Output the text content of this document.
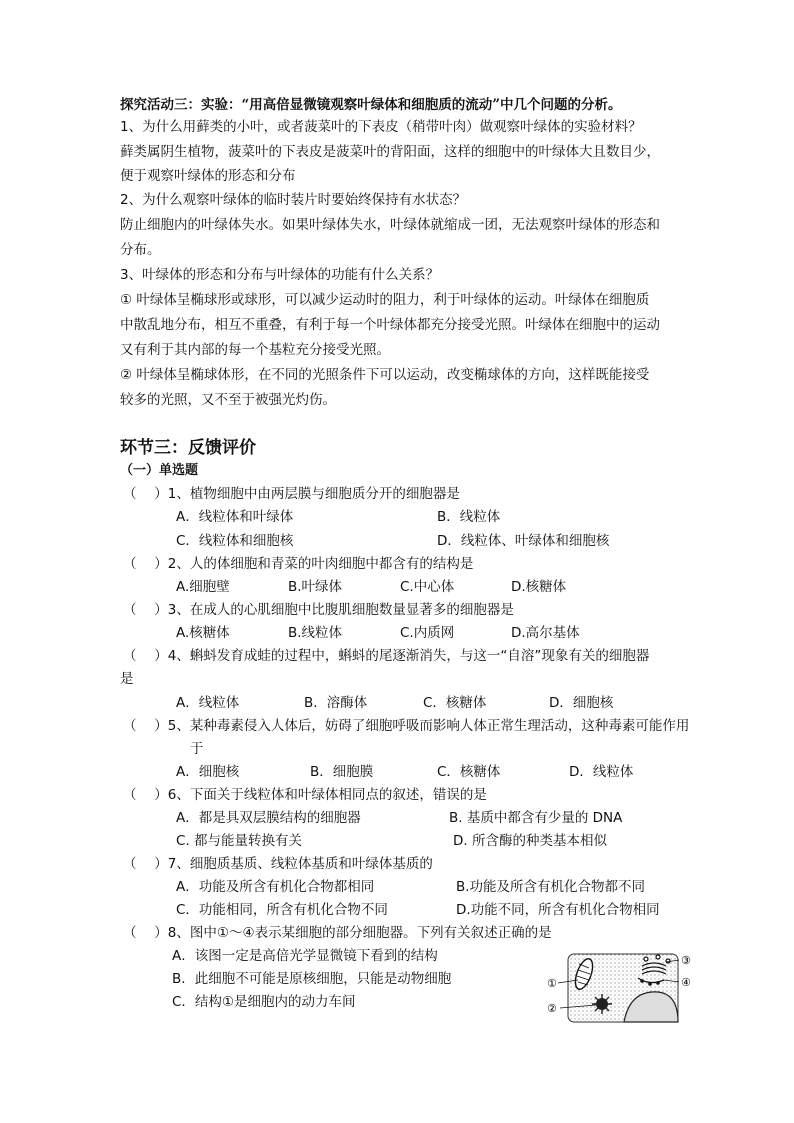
探究活动三：实验：“用高倍显微镜观察叶绿体和细胞质的流动”中几个问题的分析。
1、为什么用藓类的小叶，或者菠菜叶的下表皮（稍带叶肉）做观察叶绿体的实验材料？
藓类属阴生植物，菠菜叶的下表皮是菠菜叶的背阳面，这样的细胞中的叶绿体大且数目少，
便于观察叶绿体的形态和分布
2、为什么观察叶绿体的临时装片时要始终保持有水状态？
防止细胞内的叶绿体失水。如果叶绿体失水，叶绿体就缩成一团，无法观察叶绿体的形态和
分布。
3、叶绿体的形态和分布与叶绿体的功能有什么关系？
① 叶绿体呈椭球形或球形，可以减少运动时的阻力，利于叶绿体的运动。叶绿体在细胞质
中散乱地分布，相互不重叠，有利于每一个叶绿体都充分接受光照。叶绿体在细胞中的运动
又有利于其内部的每一个基粒充分接受光照。
② 叶绿体呈椭球体形，在不同的光照条件下可以运动，改变椭球体的方向，这样既能接受
较多的光照，又不至于被强光灼伤。
环节三：反馈评价
（一）单选题
（　 ）1、植物细胞中由两层膜与细胞质分开的细胞器是
A．线粒体和叶绿体	B．线粒体
C．线粒体和细胞核	D．线粒体、叶绿体和细胞核
（　 ）2、人的体细胞和青菜的叶肉细胞中都含有的结构是
A.细胞壁	B.叶绿体	C.中心体	D.核糖体
（　 ）3、在成人的心肌细胞中比腹肌细胞数量显著多的细胞器是
A.核糖体	B.线粒体	C.内质网	D.高尔基体
（　 ）4、蝌蚪发育成蛙的过程中，蝌蚪的尾逐渐消失，与这一“自溶”现象有关的细胞器
是
A．线粒体	B．溶酶体	C．核糖体	D．细胞核
（　 ）5、某种毒素侵入人体后，妨碍了细胞呼吸而影响人体正常生理活动，这种毒素可能作用
于
A．细胞核	B．细胞膜	C．核糖体	D．线粒体
（　 ）6、下面关于线粒体和叶绿体相同点的叙述，错误的是
A．都是具双层膜结构的细胞器	B. 基质中都含有少量的 DNA
C. 都与能量转换有关	D. 所含酶的种类基本相似
（　 ）7、细胞质基质、线粒体基质和叶绿体基质的
A．功能及所含有机化合物都相同	B.功能及所含有机化合物都不同
C．功能相同，所含有机化合物不同	D.功能不同，所含有机化合物相同
（　 ）8、图中①～④表示某细胞的部分细胞器。下列有关叙述正确的是
A．该图一定是高倍光学显微镜下看到的结构
B．此细胞不可能是原核细胞，只能是动物细胞
C．结构①是细胞内的动力车间
①
②
③
④
